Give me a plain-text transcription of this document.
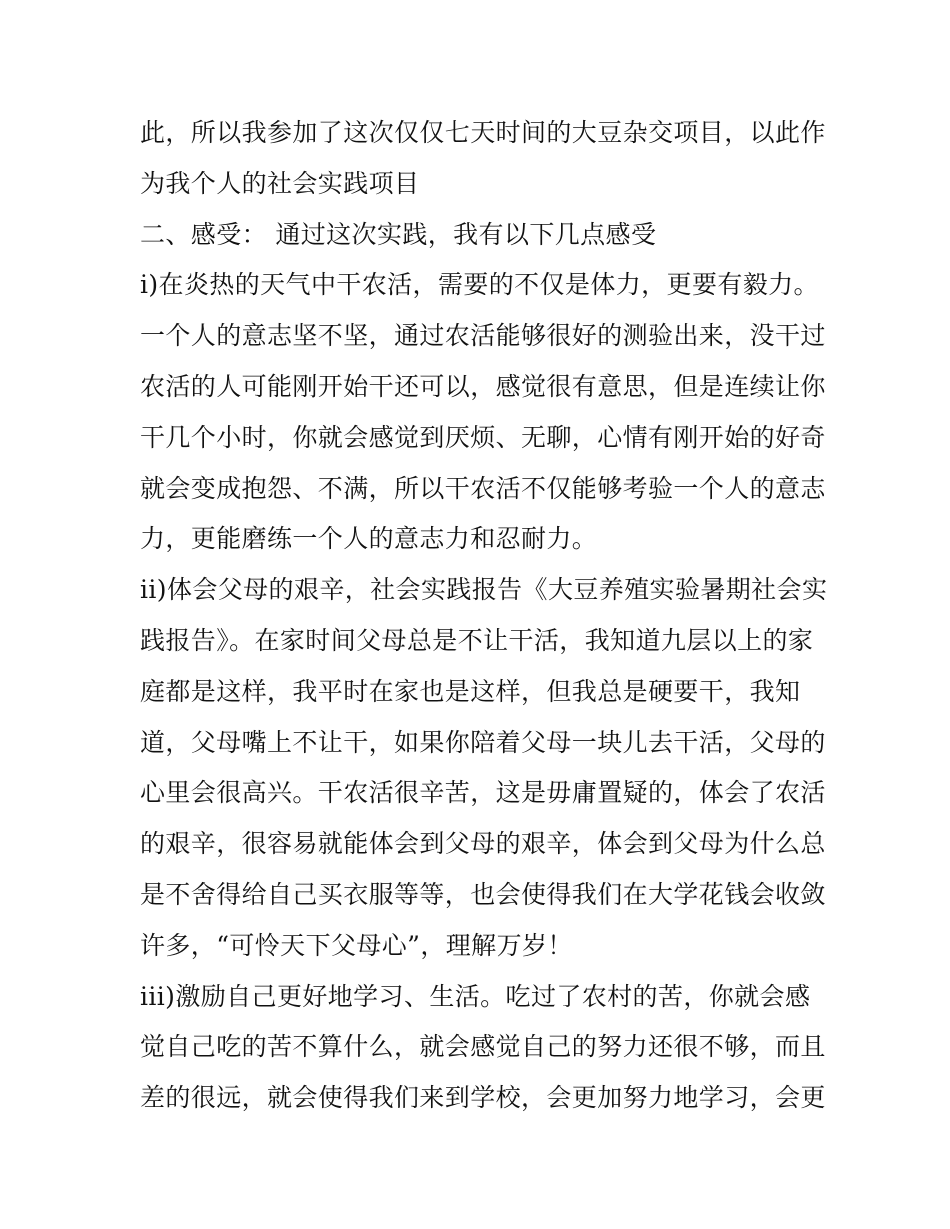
此，所以我参加了这次仅仅七天时间的大豆杂交项目，以此作
为我个人的社会实践项目
二、感受： 通过这次实践，我有以下几点感受
i)在炎热的天气中干农活，需要的不仅是体力，更要有毅力。
一个人的意志坚不坚，通过农活能够很好的测验出来，没干过
农活的人可能刚开始干还可以，感觉很有意思，但是连续让你
干几个小时，你就会感觉到厌烦、无聊，心情有刚开始的好奇
就会变成抱怨、不满，所以干农活不仅能够考验一个人的意志
力，更能磨练一个人的意志力和忍耐力。
ii)体会父母的艰辛，社会实践报告《大豆养殖实验暑期社会实
践报告》。在家时间父母总是不让干活，我知道九层以上的家
庭都是这样，我平时在家也是这样，但我总是硬要干，我知
道，父母嘴上不让干，如果你陪着父母一块儿去干活，父母的
心里会很高兴。干农活很辛苦，这是毋庸置疑的，体会了农活
的艰辛，很容易就能体会到父母的艰辛，体会到父母为什么总
是不舍得给自己买衣服等等，也会使得我们在大学花钱会收敛
许多，“可怜天下父母心”，理解万岁！
iii)激励自己更好地学习、生活。吃过了农村的苦，你就会感
觉自己吃的苦不算什么，就会感觉自己的努力还很不够，而且
差的很远，就会使得我们来到学校，会更加努力地学习，会更
